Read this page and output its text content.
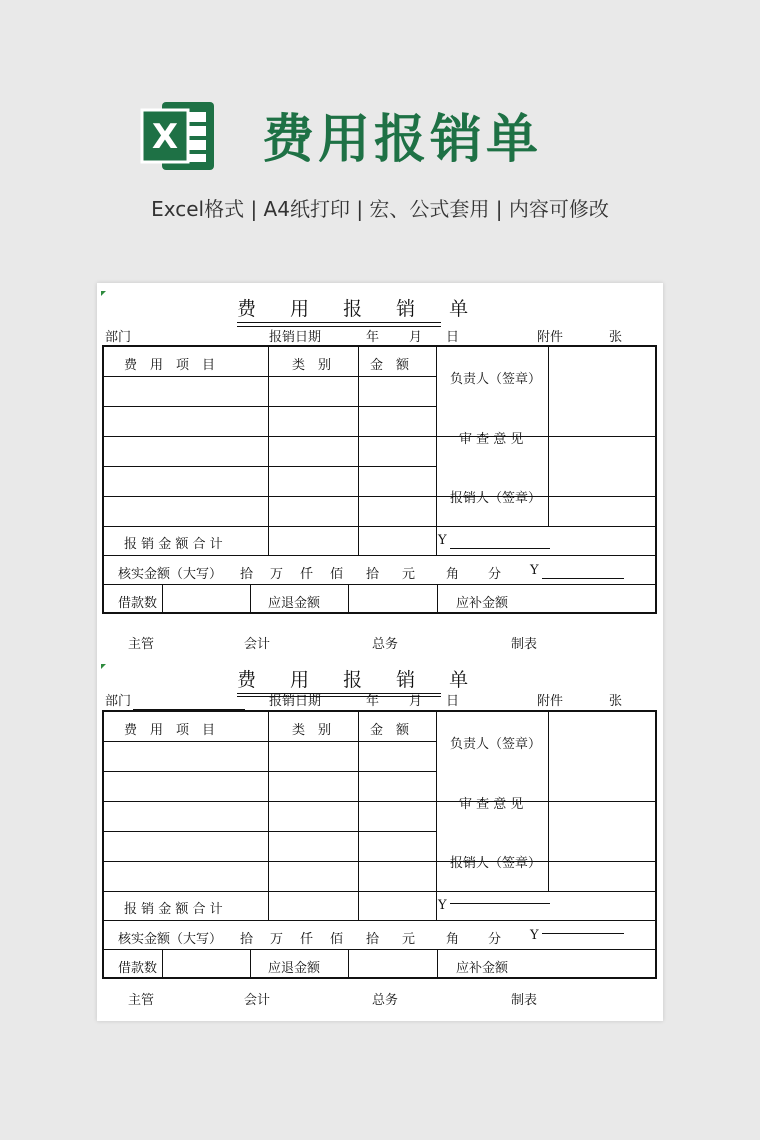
X 费用报销单
Excel格式 | A4纸打印 | 宏、公式套用 | 内容可修改
费 用 报 销 单
部门	报销日期	年 月 日	附件	张
费　用　项　目	类　别	金　额
负责人（签章）
审 查 意 见
报销人（签章）
报 销 金 额 合 计	Y
核实金额（大写） 拾 万 仟 佰 拾 元 角 分 Y
借款数	应退金额	应补金额
主管	会计	总务	制表
费 用 报 销 单
部门	报销日期	年 月 日	附件	张
费　用　项　目	类　别	金　额
负责人（签章）
审 查 意 见
报销人（签章）
报 销 金 额 合 计	Y
核实金额（大写） 拾 万 仟 佰 拾 元 角 分 Y
借款数	应退金额	应补金额
主管	会计	总务	制表
